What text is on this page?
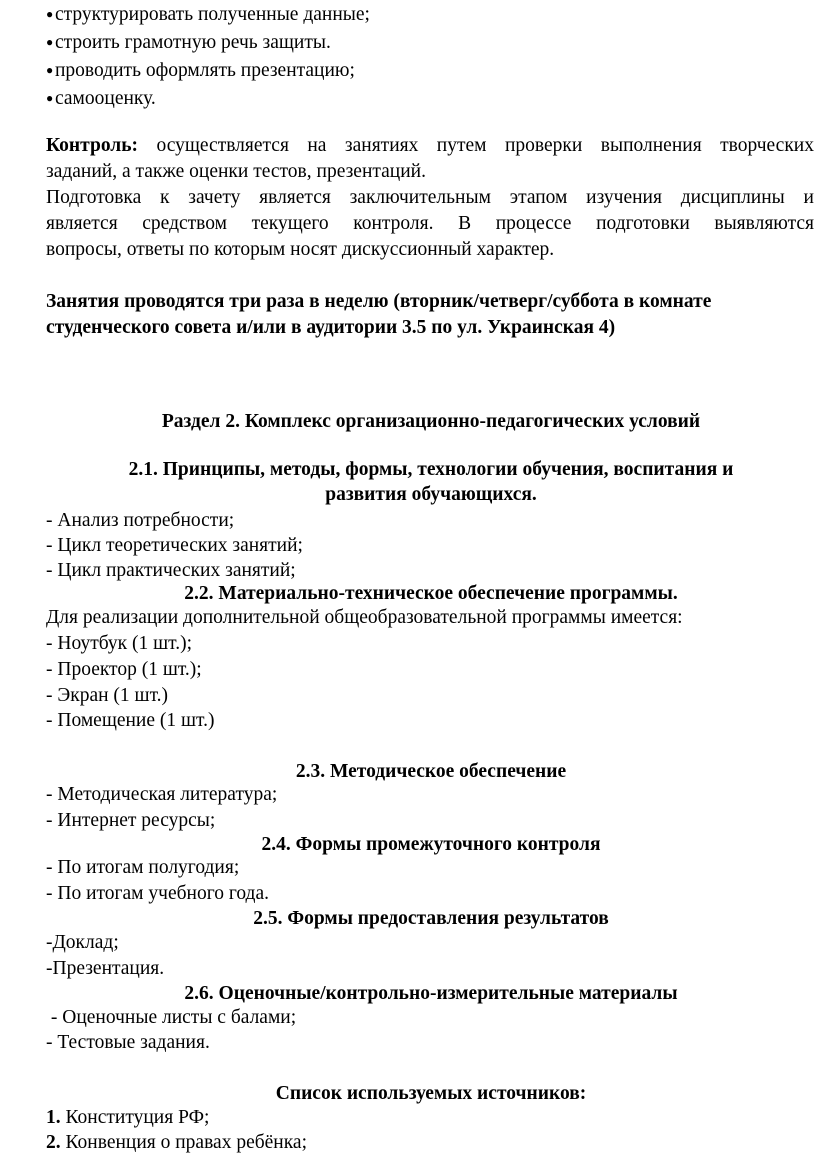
●структурировать полученные данные;
●строить грамотную речь защиты.
●проводить оформлять презентацию;
●самооценку.
Контроль: осуществляется на занятиях путем проверки выполнения творческих
заданий, а также оценки тестов, презентаций.
Подготовка к зачету является заключительным этапом изучения дисциплины и
является средством текущего контроля. В процессе подготовки выявляются
вопросы, ответы по которым носят дискуссионный характер.
Занятия проводятся три раза в неделю (вторник/четверг/суббота в комнате
студенческого совета и/или в аудитории 3.5 по ул. Украинская 4)
Раздел 2. Комплекс организационно-педагогических условий
2.1. Принципы, методы, формы, технологии обучения, воспитания и
развития обучающихся.
- Анализ потребности;
- Цикл теоретических занятий;
- Цикл практических занятий;
2.2. Материально-техническое обеспечение программы.
Для реализации дополнительной общеобразовательной программы имеется:
- Ноутбук (1 шт.);
- Проектор (1 шт.);
- Экран (1 шт.)
- Помещение (1 шт.)
2.3. Методическое обеспечение
- Методическая литература;
- Интернет ресурсы;
2.4. Формы промежуточного контроля
- По итогам полугодия;
- По итогам учебного года.
2.5. Формы предоставления результатов
-Доклад;
-Презентация.
2.6. Оценочные/контрольно-измерительные материалы
- Оценочные листы с балами;
- Тестовые задания.
Список используемых источников:
1. Конституция РФ;
2. Конвенция о правах ребёнка;
